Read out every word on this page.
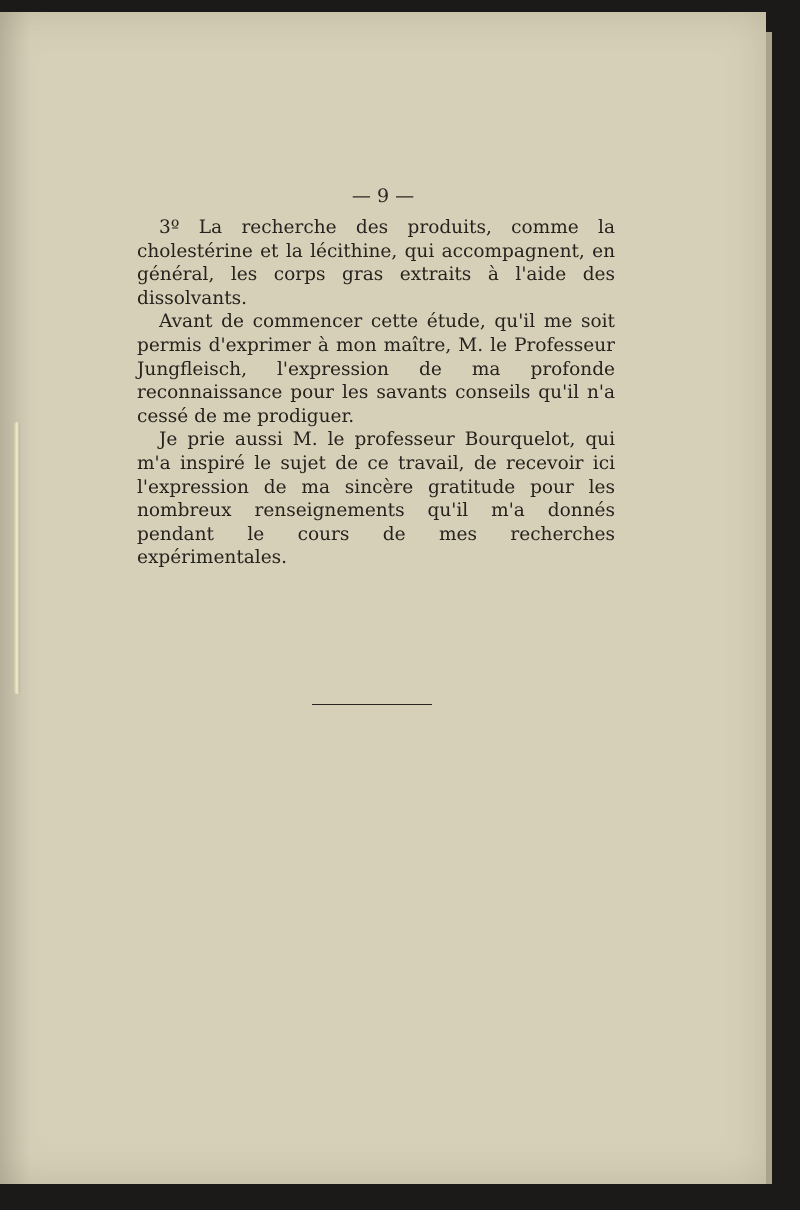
— 9 —

3º La recherche des produits, comme la cholestérine et la lécithine, qui accompagnent, en général, les corps gras extraits à l'aide des dissolvants.

Avant de commencer cette étude, qu'il me soit permis d'exprimer à mon maître, M. le Professeur Jungfleisch, l'expression de ma profonde reconnaissance pour les savants conseils qu'il n'a cessé de me prodiguer.

Je prie aussi M. le professeur Bourquelot, qui m'a inspiré le sujet de ce travail, de recevoir ici l'expression de ma sincère gratitude pour les nombreux renseignements qu'il m'a donnés pendant le cours de mes recherches expérimentales.
